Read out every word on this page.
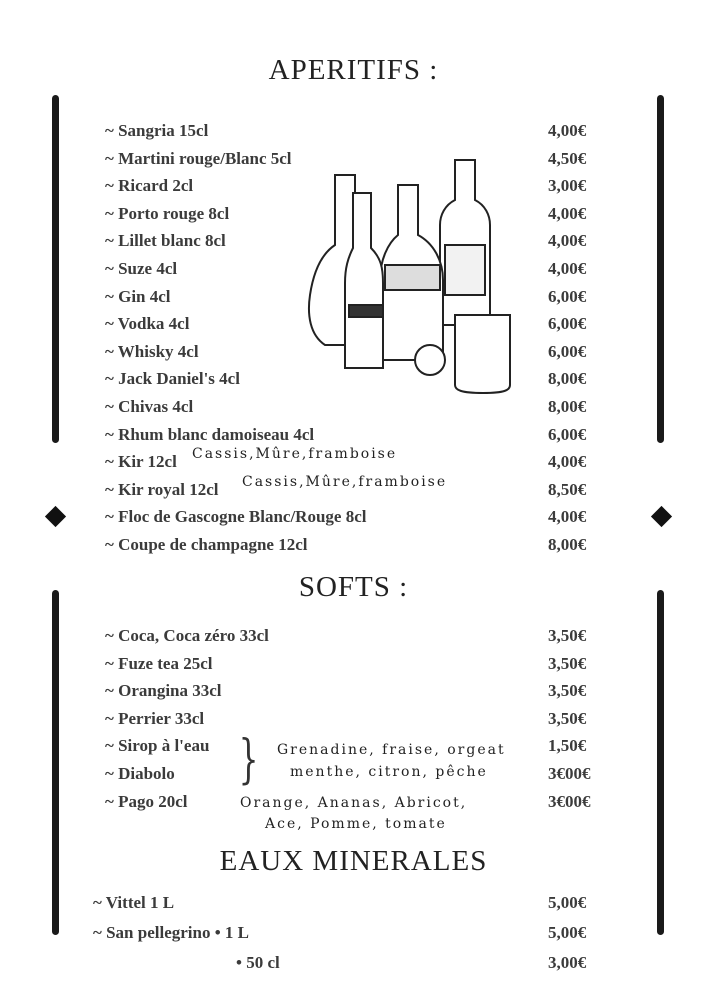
APERITIFS :
~ Sangria 15cl	4,00€
~ Martini rouge/Blanc 5cl	4,50€
~ Ricard 2cl	3,00€
~ Porto rouge 8cl	4,00€
~ Lillet blanc 8cl	4,00€
~ Suze 4cl	4,00€
~ Gin 4cl	6,00€
~ Vodka 4cl	6,00€
~ Whisky 4cl	6,00€
~ Jack Daniel's 4cl	8,00€
~ Chivas 4cl	8,00€
~ Rhum blanc damoiseau 4cl	6,00€
~ Kir 12cl	4,00€
Cassis,Mûre,framboise
~ Kir royal 12cl	8,50€
Cassis,Mûre,framboise
~ Floc de Gascogne Blanc/Rouge 8cl	4,00€
~ Coupe de champagne 12cl	8,00€
SOFTS :
~ Coca, Coca zéro 33cl	3,50€
~ Fuze tea 25cl	3,50€
~ Orangina 33cl	3,50€
~ Perrier 33cl	3,50€
~ Sirop à l'eau	1,50€
~ Diabolo	3€00€
~ Pago 20cl	3€00€
} Grenadine, fraise, orgeat
menthe, citron, pêche
Orange, Ananas, Abricot,
Ace, Pomme, tomate
EAUX MINERALES
~ Vittel 1 L	5,00€
~ San pellegrino • 1 L	5,00€
• 50 cl	3,00€
